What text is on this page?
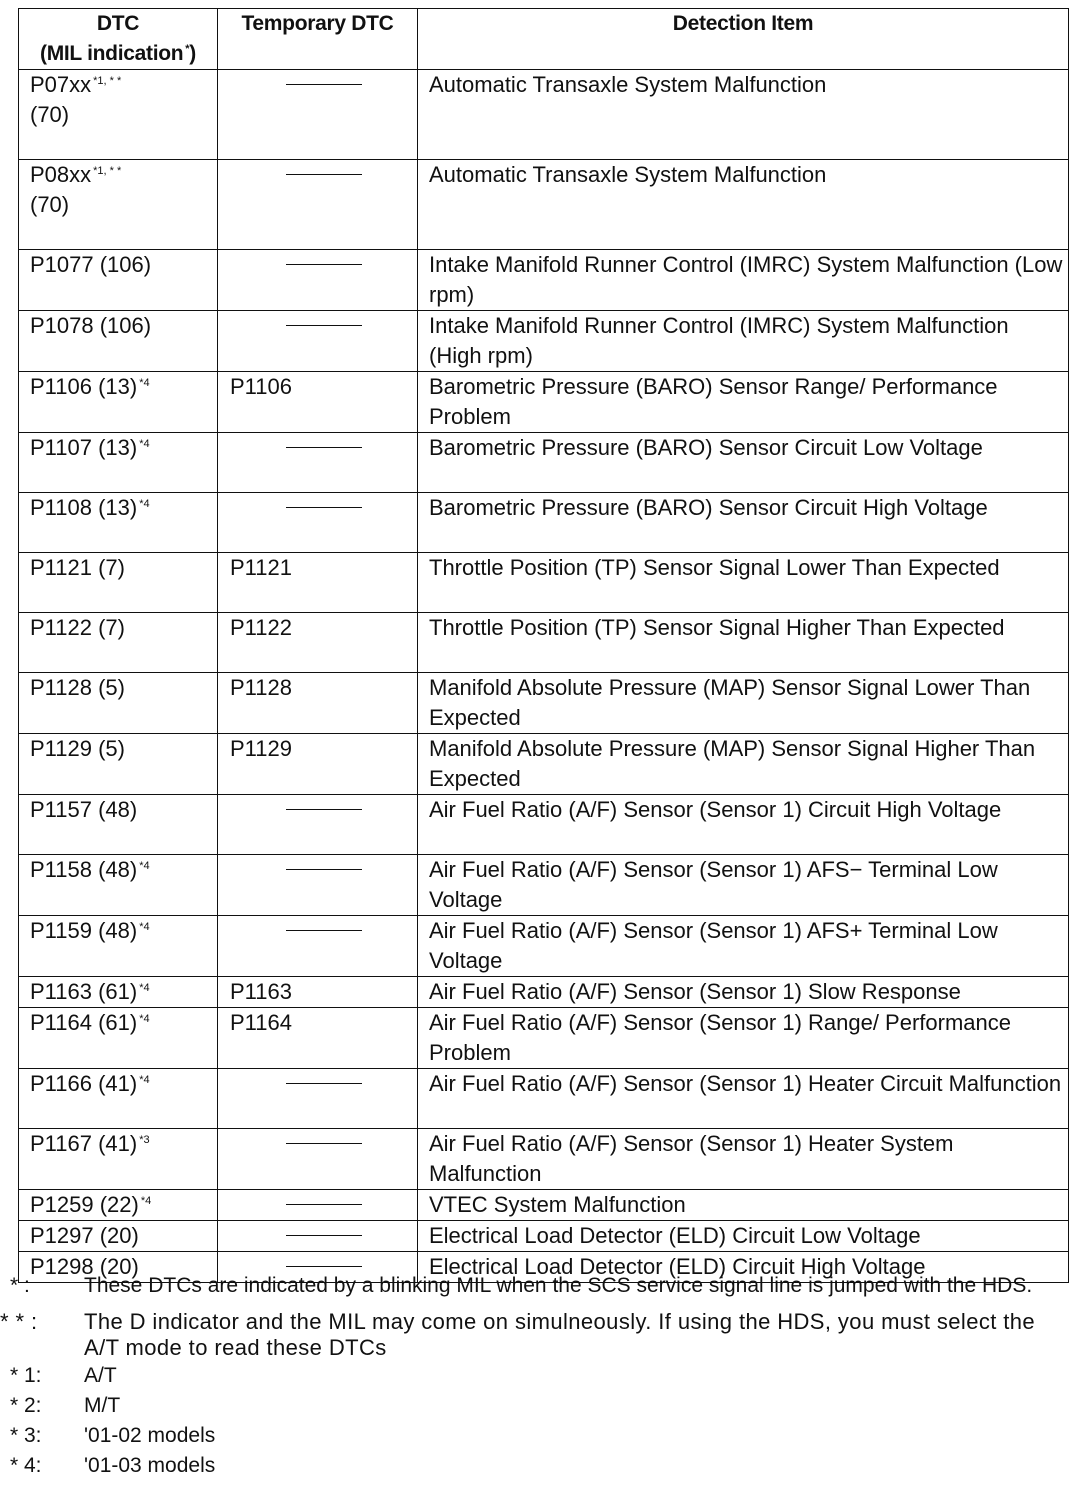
DTC
(MIL indication *)	Temporary DTC	Detection Item
P07xx $^{*1, * *}$
(70)		Automatic Transaxle System Malfunction
P08xx $^{*1, * *}$
(70)		Automatic Transaxle System Malfunction
P1077 (106)		Intake Manifold Runner Control (IMRC) System Malfunction (Low rpm)
P1078 (106)		Intake Manifold Runner Control (IMRC) System Malfunction (High rpm)
P1106 (13) $^{*4}$	P1106	Barometric Pressure (BARO) Sensor Range/ Performance Problem
P1107 (13) $^{*4}$		Barometric Pressure (BARO) Sensor Circuit Low Voltage
P1108 (13) $^{*4}$		Barometric Pressure (BARO) Sensor Circuit High Voltage
P1121 (7)	P1121	Throttle Position (TP) Sensor Signal Lower Than Expected
P1122 (7)	P1122	Throttle Position (TP) Sensor Signal Higher Than Expected
P1128 (5)	P1128	Manifold Absolute Pressure (MAP) Sensor Signal Lower Than Expected
P1129 (5)	P1129	Manifold Absolute Pressure (MAP) Sensor Signal Higher Than Expected
P1157 (48)		Air Fuel Ratio (A/F) Sensor (Sensor 1) Circuit High Voltage
P1158 (48) $^{*4}$		Air Fuel Ratio (A/F) Sensor (Sensor 1) AFS− Terminal Low Voltage
P1159 (48) $^{*4}$		Air Fuel Ratio (A/F) Sensor (Sensor 1) AFS+ Terminal Low Voltage
P1163 (61) $^{*4}$	P1163	Air Fuel Ratio (A/F) Sensor (Sensor 1) Slow Response
P1164 (61) $^{*4}$	P1164	Air Fuel Ratio (A/F) Sensor (Sensor 1) Range/ Performance Problem
P1166 (41) $^{*4}$		Air Fuel Ratio (A/F) Sensor (Sensor 1) Heater Circuit Malfunction
P1167 (41) $^{*3}$		Air Fuel Ratio (A/F) Sensor (Sensor 1) Heater System Malfunction
P1259 (22) $^{*4}$		VTEC System Malfunction
P1297 (20)		Electrical Load Detector (ELD) Circuit Low Voltage
P1298 (20)		Electrical Load Detector (ELD) Circuit High Voltage
* :	These DTCs are indicated by a blinking MIL when the SCS service signal line is jumped with the HDS.
* * : The D indicator and the MIL may come on simulneously. If using the HDS, you must select the A/T mode to read these DTCs
* 1: A/T
* 2: M/T
* 3: '01-02 models
* 4: '01-03 models
